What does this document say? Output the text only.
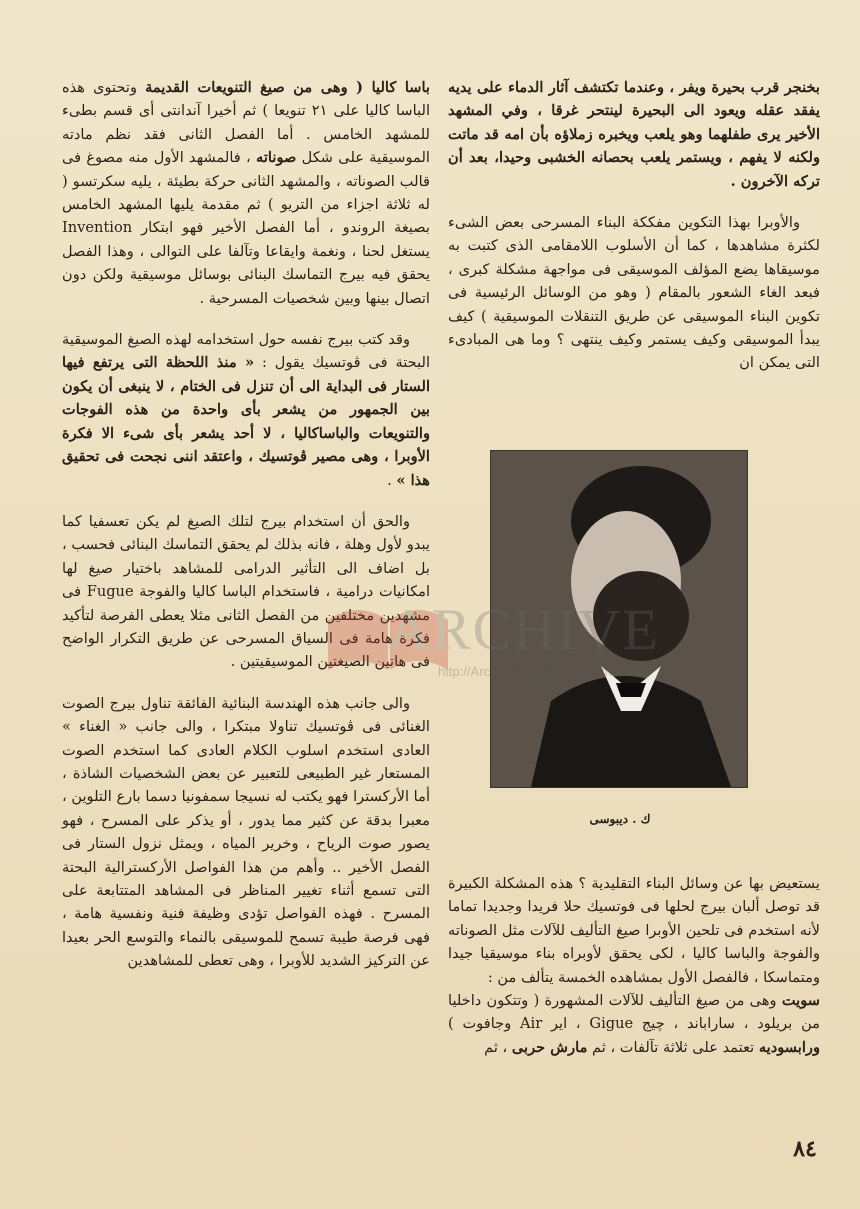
بخنجر قرب بحيرة ويفر ، وعندما تكتشف آثار الدماء على يديه يفقد عقله ويعود الى البحيرة لينتحر غرقا ، وفي المشهد الأخير يرى طفلهما وهو يلعب ويخبره زملاؤه بأن امه قد ماتت ولكنه لا يفهم ، ويستمر يلعب بحصانه الخشبى وحيدا، بعد أن تركه الآخرون .

والأوبرا بهذا التكوين مفككة البناء المسرحى بعض الشىء لكثرة مشاهدها ، كما أن الأسلوب اللامقامى الذى كتبت به موسيقاها يضع المؤلف الموسيقى فى مواجهة مشكلة كبرى ، فبعد الغاء الشعور بالمقام ( وهو من الوسائل الرئيسية فى تكوين البناء الموسيقى عن طريق التنقلات الموسيقية ) كيف يبدأ الموسيقى وكيف يستمر وكيف ينتهى ؟ وما هى المبادىء التى يمكن ان

ك . ديبوسى

يستعيض بها عن وسائل البناء التقليدية ؟ هذه المشكلة الكبيرة قد توصل ألبان بيرج لحلها فى فوتسيك حلا فريدا وجديدا تماما لأنه استخدم فى تلحين الأوبرا صيغ التأليف للآلات مثل الصوناته والفوجة والباسا كاليا ، لكى يحقق لأوبراه بناء موسيقيا جيدا ومتماسكا ، فالفصل الأول بمشاهده الخمسة يتألف من :

سويت وهى من صيغ التأليف للآلات المشهورة ( وتتكون داخليا من بريلود ، ساراباند ، چيج Gigue ، اير Air وجافوت ) ورابسوديه تعتمد على ثلاثة تآلفات ، ثم مارش حربى ، ثم

باسا كاليا ( وهى من صيغ التنويعات القديمة وتحتوى هذه الباسا كاليا على ٢١ تنويعا ) ثم أخيرا آندانتى أى قسم بطىء للمشهد الخامس . أما الفصل الثانى فقد نظم مادته الموسيقية على شكل صوناته ، فالمشهد الأول منه مصوغ فى قالب الصوناته ، والمشهد الثانى حركة بطيئة ، يليه سكرتسو ( له ثلاثة اجزاء من التريو ) ثم مقدمة يليها المشهد الخامس بصيغة الروندو ، أما الفصل الأخير فهو ابتكار Invention يستغل لحنا ، ونغمة وايقاعا وتآلفا على التوالى ، وهذا الفصل يحقق فيه بيرج التماسك البنائى بوسائل موسيقية ولكن دون اتصال بينها وبين شخصيات المسرحية .

وقد كتب بيرج نفسه حول استخدامه لهذه الصيغ الموسيقية البحتة فى ڤوتسيك يقول : « منذ اللحظة التى يرتفع فيها الستار فى البداية الى أن تنزل فى الختام ، لا ينبغى أن يكون بين الجمهور من يشعر بأى واحدة من هذه الفوجات والتنويعات والباساكاليا ، لا أحد يشعر بأى شىء الا فكرة الأوبرا ، وهى مصير ڤوتسيك ، واعتقد اننى نجحت فى تحقيق هذا » .

والحق أن استخدام بيرج لتلك الصيغ لم يكن تعسفيا كما يبدو لأول وهلة ، فانه بذلك لم يحقق التماسك البنائى فحسب ، بل اضاف الى التأثير الدرامى للمشاهد باختيار صيغ لها امكانيات درامية ، فاستخدام الباسا كاليا والفوجة Fugue فى مشهدين مختلفين من الفصل الثانى مثلا يعطى الفرصة لتأكيد فكرة هامة فى السياق المسرحى عن طريق التكرار الواضح فى هاتين الصيغتين الموسيقيتين .

والى جانب هذه الهندسة البنائية الفائقة تناول بيرج الصوت الغنائى فى ڤوتسيك تناولا مبتكرا ، والى جانب « الغناء » العادى استخدم اسلوب الكلام العادى كما استخدم الصوت المستعار غير الطبيعى للتعبير عن بعض الشخصيات الشاذة ، أما الأركسترا فهو يكتب له نسيجا سمفونيا دسما بارع التلوين ، معبرا بدقة عن كثير مما يدور ، أو يذكر على المسرح ، فهو يصور صوت الرياح ، وخرير المياه ، ويمثل نزول الستار فى الفصل الأخير .. وأهم من هذا الفواصل الأركسترالية البحتة التى تسمع أثناء تغيير المناظر فى المشاهد المتتابعة على المسرح . فهذه الفواصل تؤدى وظيفة فنية ونفسية هامة ، فهى فرصة طيبة تسمح للموسيقى بالنماء والتوسع الحر بعيدا عن التركيز الشديد للأوبرا ، وهى تعطى للمشاهدين

ARCHIVE
http://Archivebeta.Sakhrit.com
٨٤
